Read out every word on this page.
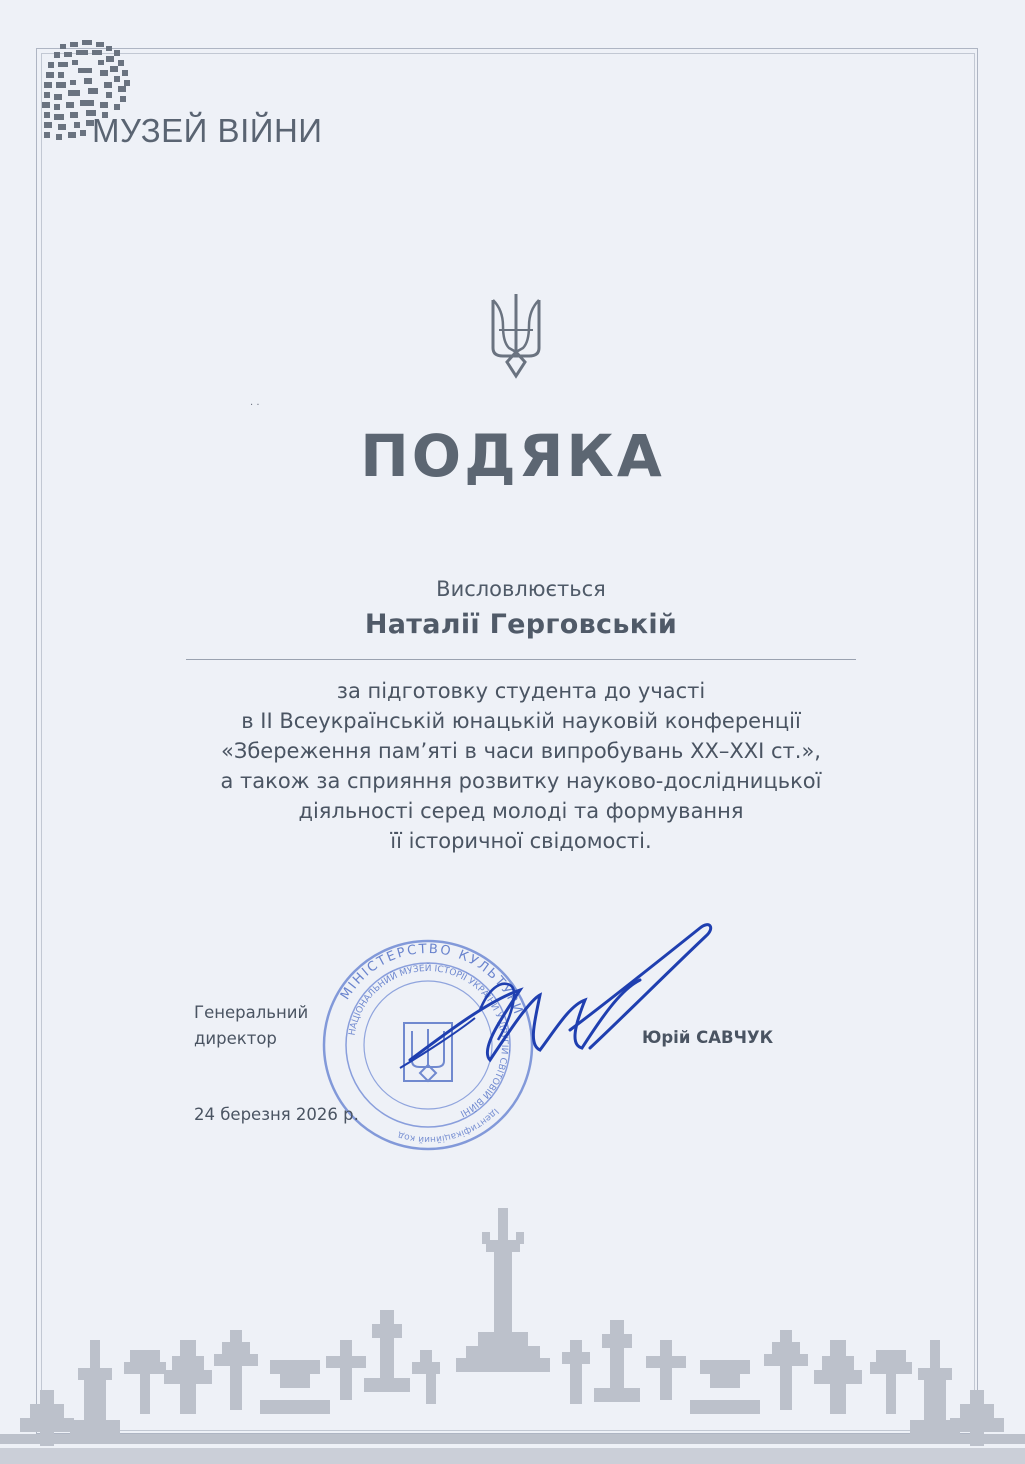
· ·
МУЗЕЙ ВІЙНИ
ПОДЯКА
Висловлюється
Наталії Герговській
за підготовку студента до участі
в ІІ Всеукраїнській юнацькій науковій конференції
«Збереження пам’яті в часи випробувань ХХ–ХХІ ст.»,
а також за сприяння розвитку науково-дослідницької
діяльності серед молоді та формування
її історичної свідомості.
МІНІСТЕРСТВО КУЛЬТУРИ
НАЦІОНАЛЬНИЙ МУЗЕЙ ІСТОРІЇ УКРАЇНИ У ДРУГІЙ СВІТОВІЙ ВІЙНІ	Ідентифікаційний код
Генеральний
директор	Юрій САВЧУК
24 березня 2026 р.
